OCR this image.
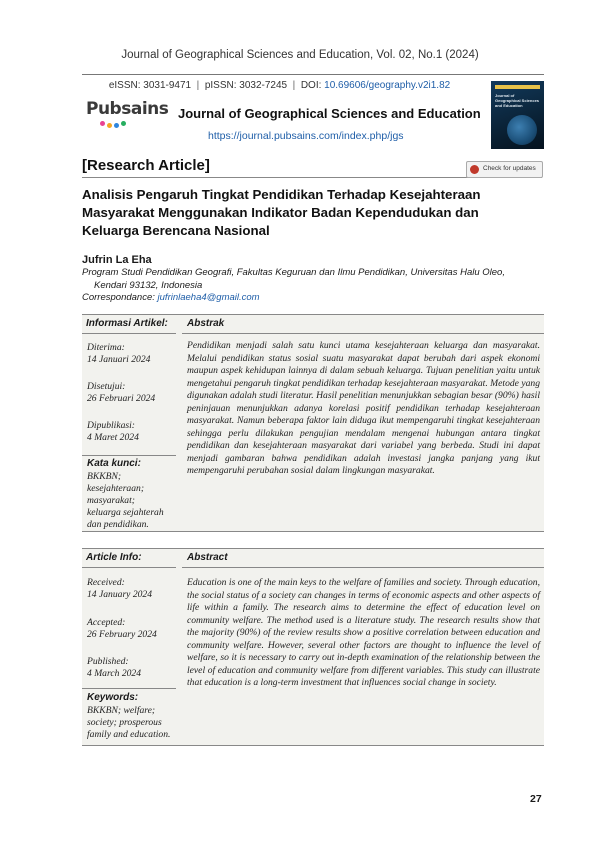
Journal of Geographical Sciences and Education, Vol. 02, No.1 (2024)
eISSN: 3031-9471  |  pISSN: 3032-7245  |  DOI: 10.69606/geography.v2i1.82
Pubsains Journal of Geographical Sciences and Education
https://journal.pubsains.com/index.php/jgs
Journal of Geographical Sciences and Education
[Research Article]	Check for updates
Analisis Pengaruh Tingkat Pendidikan Terhadap Kesejahteraan Masyarakat Menggunakan Indikator Badan Kependudukan dan Keluarga Berencana Nasional
Jufrin La Eha
Program Studi Pendidikan Geografi, Fakultas Keguruan dan Ilmu Pendidikan, Universitas Halu Oleo,
Kendari 93132, Indonesia
Correspondance: jufrinlaeha4@gmail.com
Informasi Artikel: Abstrak
Diterima:
14 Januari 2024
Disetujui:
26 Februari 2024
Dipublikasi:
4 Maret 2024
Kata kunci:
BKKBN;
kesejahteraan;
masyarakat;
keluarga sejahterah
dan pendidikan.
Pendidikan menjadi salah satu kunci utama kesejahteraan keluarga dan masyarakat. Melalui pendidikan status sosial suatu masyarakat dapat berubah dari aspek ekonomi maupun aspek kehidupan lainnya di dalam sebuah keluarga. Tujuan penelitian yaitu untuk mengetahui pengaruh tingkat pendidikan terhadap kesejahteraan masyarakat. Metode yang digunakan adalah studi literatur. Hasil penelitian menunjukkan sebagian besar (90%) hasil peninjauan menunjukkan adanya korelasi positif pendidikan terhadap kesejahteraan masyarakat. Namun beberapa faktor lain diduga ikut mempengaruhi tingkat kesejahteraan sehingga perlu dilakukan pengujian mendalam mengenai hubungan antara tingkat pendidikan dan kesejahteraan masyarakat dari variabel yang berbeda. Studi ini dapat menjadi gambaran bahwa pendidikan adalah investasi jangka panjang yang ikut mempengaruhi perubahan sosial dalam lingkungan masyarakat.
Article Info:	Abstract
Received:
14 January 2024
Accepted:
26 February 2024
Published:
4 March 2024
Keywords:
BKKBN; welfare;
society; prosperous
family and education.
Education is one of the main keys to the welfare of families and society. Through education, the social status of a society can changes in terms of economic aspects and other aspects of life within a family. The research aims to determine the effect of education level on community welfare. The method used is a literature study. The research results show that the majority (90%) of the review results show a positive correlation between education and community welfare. However, several other factors are thought to influence the level of welfare, so it is necessary to carry out in-depth examination of the relationship between the level of education and community welfare from different variables. This study can illustrate that education is a long-term investment that influences social change in society.
27
